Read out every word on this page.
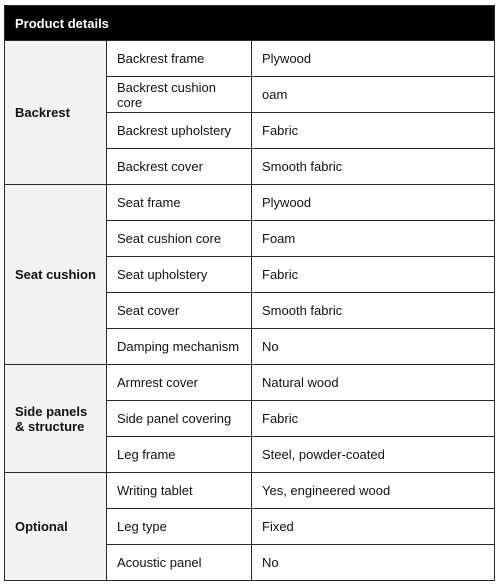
Product details		
Backrest	Backrest frame	Plywood
	Backrest cushion core	oam
	Backrest upholstery	Fabric
	Backrest cover	Smooth fabric
Seat cushion	Seat frame	Plywood
	Seat cushion core	Foam
	Seat upholstery	Fabric
	Seat cover	Smooth fabric
	Damping mechanism	No
Side panels & structure	Armrest cover	Natural wood
	Side panel covering	Fabric
	Leg frame	Steel, powder-coated
Optional	Writing tablet	Yes, engineered wood
	Leg type	Fixed
	Acoustic panel	No
